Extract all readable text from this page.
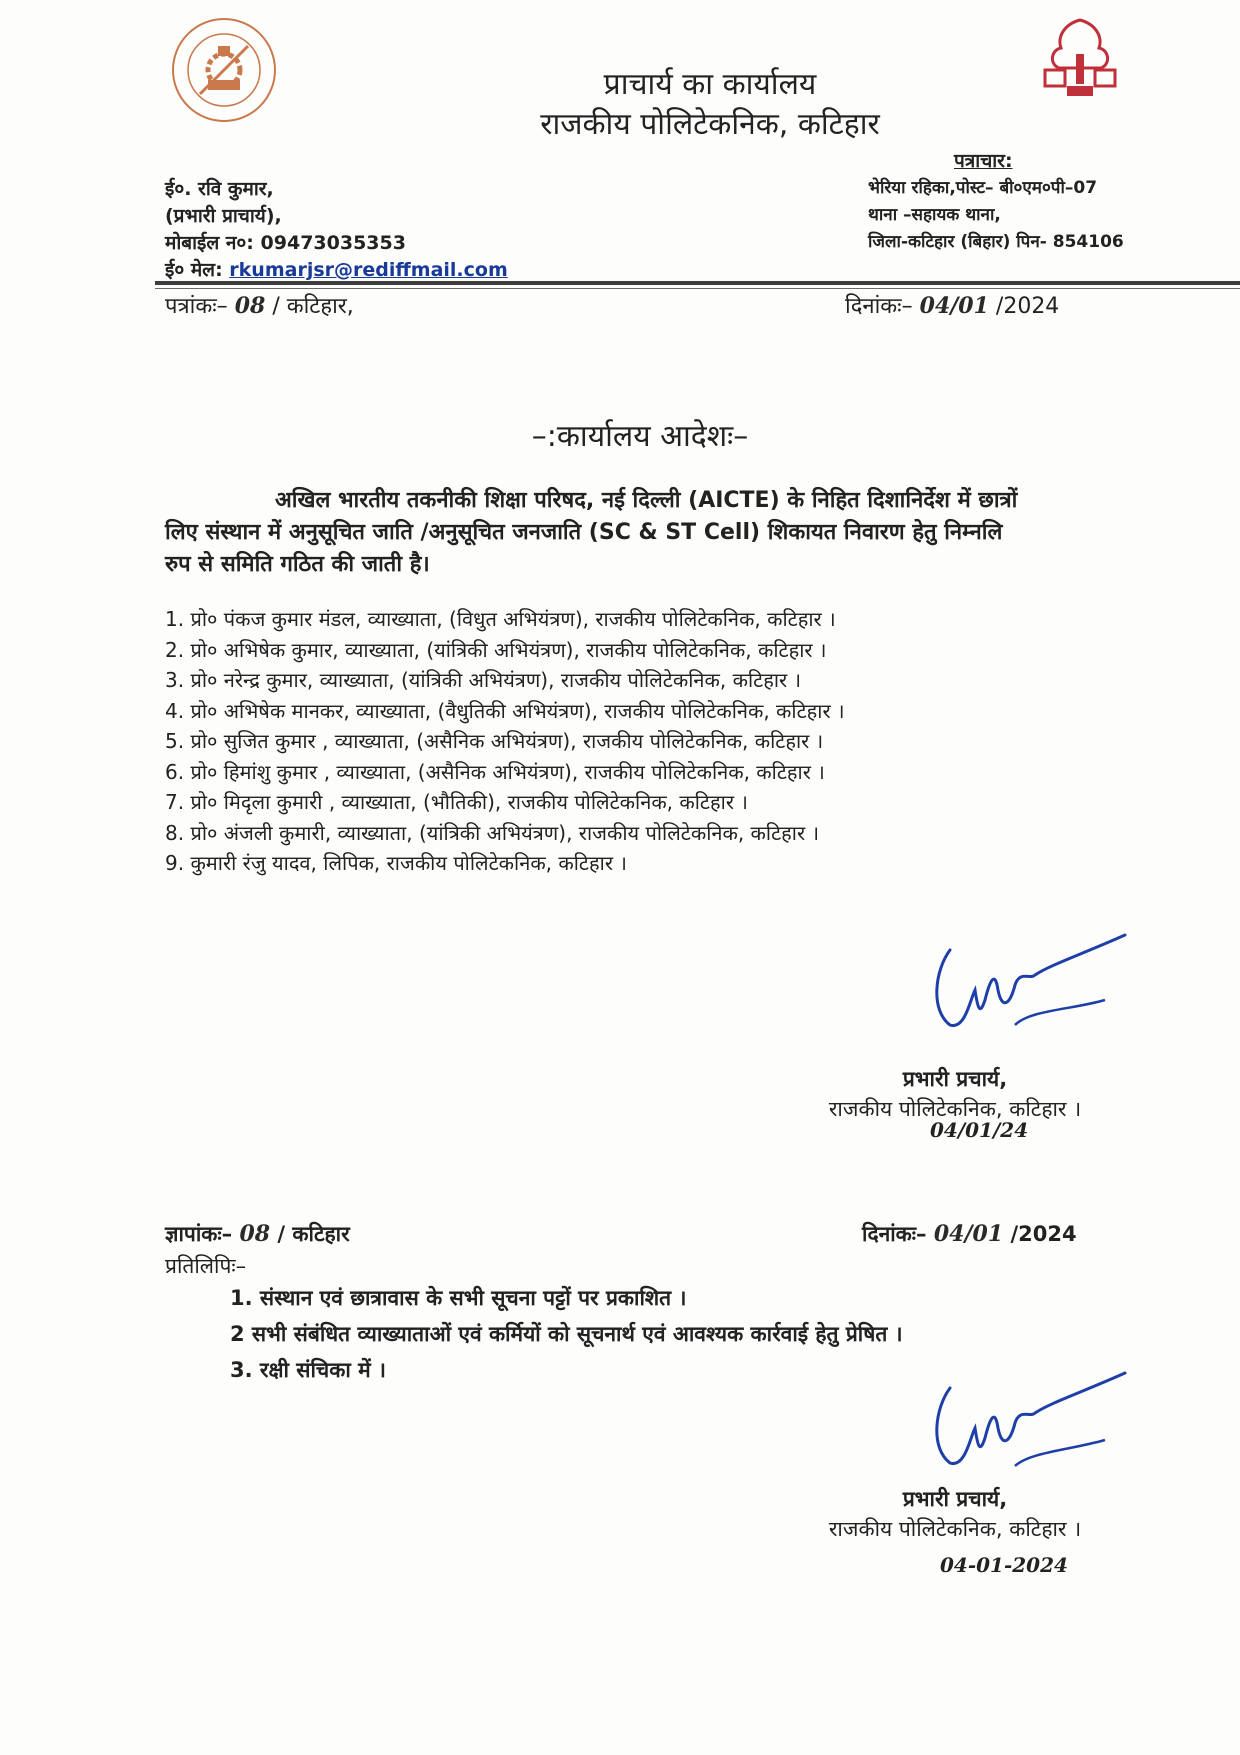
प्राचार्य का कार्यालय
राजकीय पोलिटेकनिक, कटिहार
ई०. रवि कुमार,
(प्रभारी प्राचार्य),
मोबाईल न०: 09473035353
ई० मेल: rkumarjsr@rediffmail.com
पत्राचार:
भेरिया रहिका,पोस्ट– बी०एम०पी–07
थाना –सहायक थाना,
जिला-कटिहार (बिहार) पिन- 854106
पत्रांकः– 08 / कटिहार,	दिनांकः– 04/01 /2024
–:कार्यालय आदेशः–
अखिल भारतीय तकनीकी शिक्षा परिषद, नई दिल्ली (AICTE) के निहित दिशानिर्देश में छात्रों
लिए संस्थान में अनुसूचित जाति /अनुसूचित जनजाति (SC & ST Cell) शिकायत निवारण हेतु निम्नलि
रुप से समिति गठित की जाती है।
1. प्रो० पंकज कुमार मंडल, व्याख्याता, (विधुत अभियंत्रण), राजकीय पोलिटेकनिक, कटिहार ।
2. प्रो० अभिषेक कुमार, व्याख्याता, (यांत्रिकी अभियंत्रण), राजकीय पोलिटेकनिक, कटिहार ।
3. प्रो० नरेन्द्र कुमार, व्याख्याता, (यांत्रिकी अभियंत्रण), राजकीय पोलिटेकनिक, कटिहार ।
4. प्रो० अभिषेक मानकर, व्याख्याता, (वैधुतिकी अभियंत्रण), राजकीय पोलिटेकनिक, कटिहार ।
5. प्रो० सुजित कुमार , व्याख्याता, (असैनिक अभियंत्रण), राजकीय पोलिटेकनिक, कटिहार ।
6. प्रो० हिमांशु कुमार , व्याख्याता, (असैनिक अभियंत्रण), राजकीय पोलिटेकनिक, कटिहार ।
7. प्रो० मिदृला कुमारी , व्याख्याता, (भौतिकी), राजकीय पोलिटेकनिक, कटिहार ।
8. प्रो० अंजली कुमारी, व्याख्याता, (यांत्रिकी अभियंत्रण), राजकीय पोलिटेकनिक, कटिहार ।
9. कुमारी रंजु यादव, लिपिक, राजकीय पोलिटेकनिक, कटिहार ।
प्रभारी प्रचार्य,
राजकीय पोलिटेकनिक, कटिहार ।
04/01/24
ज्ञापांकः– 08 / कटिहार	दिनांकः– 04/01 /2024
प्रतिलिपिः–
1. संस्थान एवं छात्रावास के सभी सूचना पट्टों पर प्रकाशित ।
2 सभी संबंधित व्याख्याताओं एवं कर्मियों को सूचनार्थ एवं आवश्यक कार्रवाई हेतु प्रेषित ।
3. रक्षी संचिका में ।
प्रभारी प्रचार्य,
राजकीय पोलिटेकनिक, कटिहार ।
04-01-2024
